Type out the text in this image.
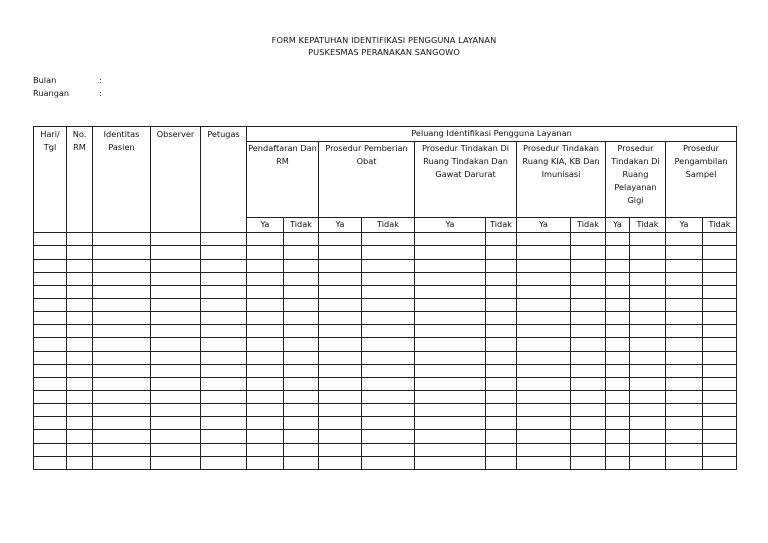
FORM KEPATUHAN IDENTIFIKASI PENGGUNA LAYANAN
PUSKESMAS PERANAKAN SANGOWO
Bulan	:
Ruangan	:
Hari/ Tgl	No. RM	Identitas Pasien	Observer	Petugas	Peluang Identifikasi Pengguna Layanan											
					Pendaftaran Dan RM		Prosedur Pemberian Obat		Prosedur Tindakan Di Ruang Tindakan Dan Gawat Darurat		Prosedur Tindakan Ruang KIA, KB Dan Imunisasi		Prosedur Tindakan Di Ruang Pelayanan Gigi		Prosedur Pengambilan Sampel	
					Ya	Tidak	Ya	Tidak	Ya	Tidak	Ya	Tidak	Ya	Tidak	Ya	Tidak
